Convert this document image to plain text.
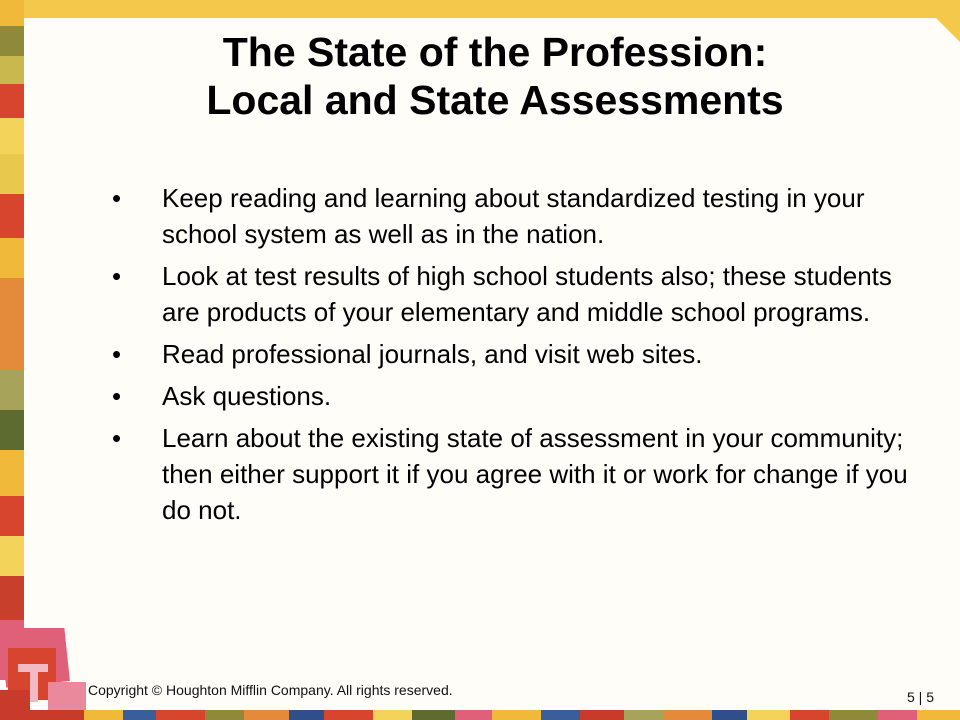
The State of the Profession:
Local and State Assessments
• Keep reading and learning about standardized testing in your school system as well as in the nation.
• Look at test results of high school students also; these students are products of your elementary and middle school programs.
• Read professional journals, and visit web sites.
• Ask questions.
• Learn about the existing state of assessment in your community; then either support it if you agree with it or work for change if you do not.
Copyright © Houghton Mifflin Company. All rights reserved.	5 | 5
